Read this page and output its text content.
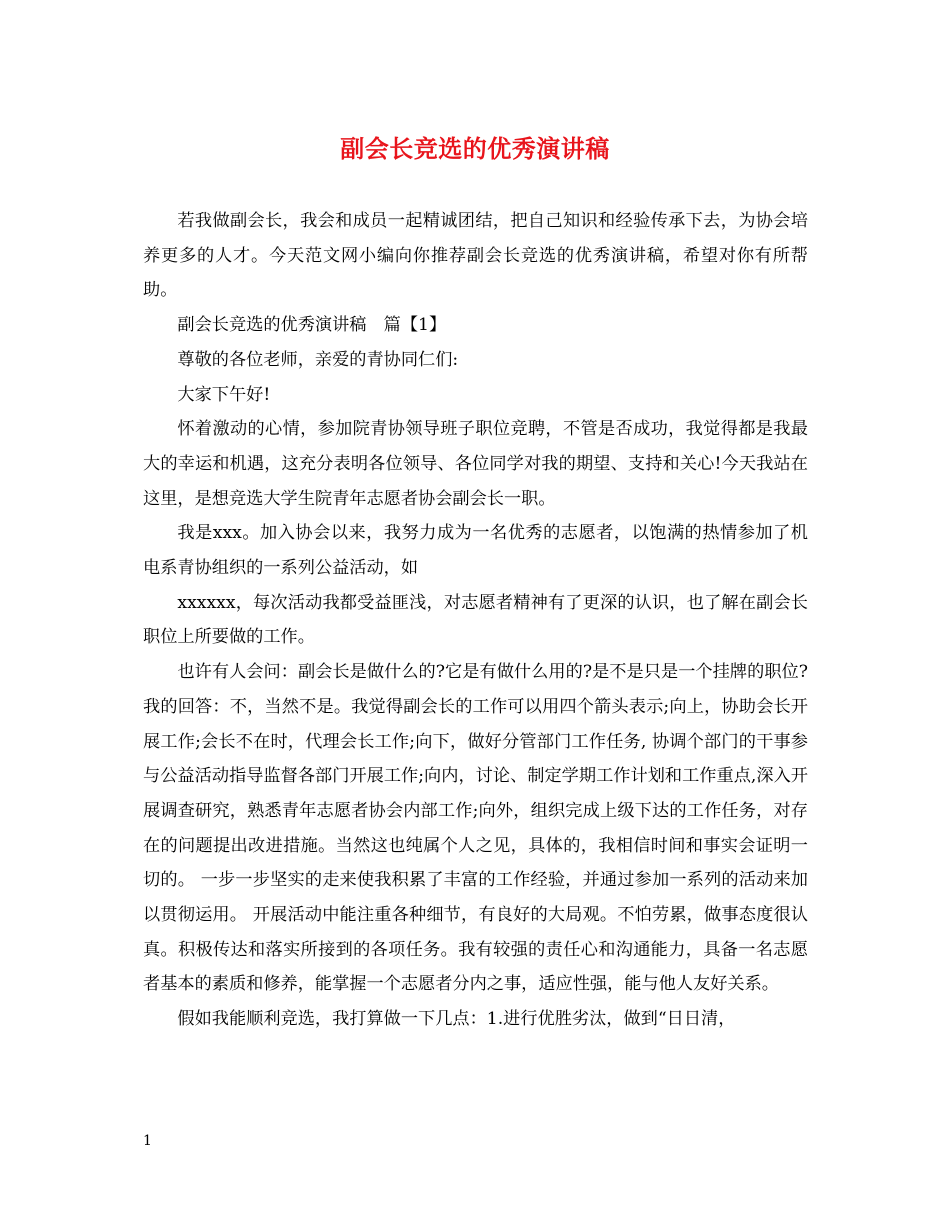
副会长竞选的优秀演讲稿

若我做副会长，我会和成员一起精诚团结，把自己知识和经验传承下去，为协会培养更多的人才。今天范文网小编向你推荐副会长竞选的优秀演讲稿，希望对你有所帮助。

副会长竞选的优秀演讲稿　篇【1】

尊敬的各位老师，亲爱的青协同仁们:

大家下午好!

怀着激动的心情，参加院青协领导班子职位竞聘，不管是否成功，我觉得都是我最大的幸运和机遇，这充分表明各位领导、各位同学对我的期望、支持和关心!今天我站在这里，是想竞选大学生院青年志愿者协会副会长一职。

我是xxx。加入协会以来，我努力成为一名优秀的志愿者，以饱满的热情参加了机电系青协组织的一系列公益活动，如

xxxxxx，每次活动我都受益匪浅，对志愿者精神有了更深的认识，也了解在副会长职位上所要做的工作。

也许有人会问：副会长是做什么的?它是有做什么用的?是不是只是一个挂牌的职位?我的回答：不，当然不是。我觉得副会长的工作可以用四个箭头表示;向上，协助会长开展工作;会长不在时，代理会长工作;向下，做好分管部门工作任务, 协调个部门的干事参与公益活动指导监督各部门开展工作;向内，讨论、制定学期工作计划和工作重点,深入开展调查研究，熟悉青年志愿者协会内部工作;向外，组织完成上级下达的工作任务，对存在的问题提出改进措施。当然这也纯属个人之见，具体的，我相信时间和事实会证明一切的。 一步一步坚实的走来使我积累了丰富的工作经验，并通过参加一系列的活动来加以贯彻运用。 开展活动中能注重各种细节，有良好的大局观。不怕劳累，做事态度很认真。积极传达和落实所接到的各项任务。我有较强的责任心和沟通能力，具备一名志愿者基本的素质和修养，能掌握一个志愿者分内之事，适应性强，能与他人友好关系。

假如我能顺利竞选，我打算做一下几点：1.进行优胜劣汰，做到“日日清，

1
